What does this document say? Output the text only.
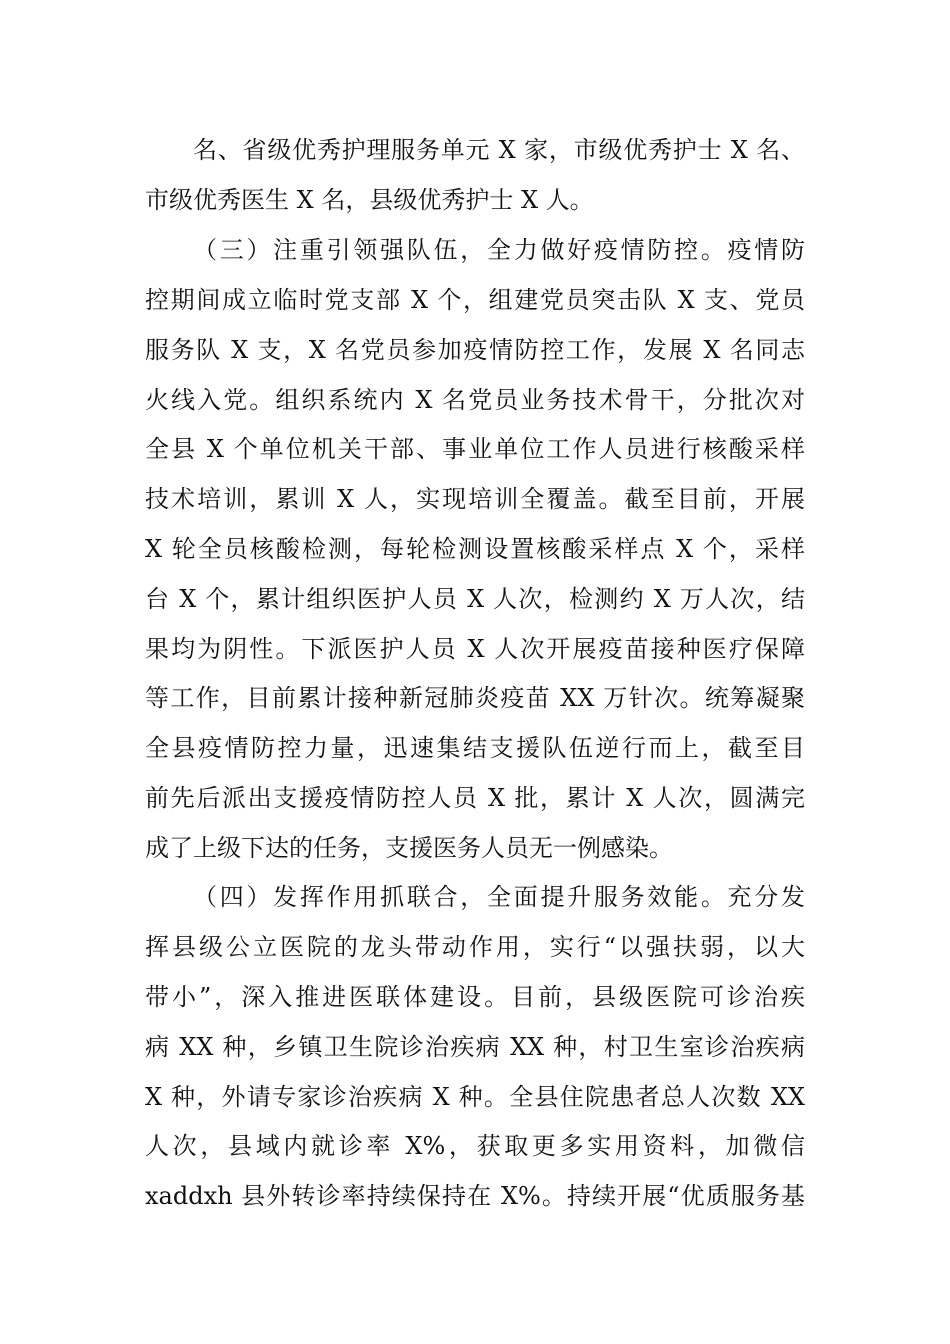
名、省级优秀护理服务单元 X 家，市级优秀护士 X 名、
市级优秀医生 X 名，县级优秀护士 X 人。
（三）注重引领强队伍，全力做好疫情防控。疫情防
控期间成立临时党支部 X 个，组建党员突击队 X 支、党员
服务队 X 支，X 名党员参加疫情防控工作，发展 X 名同志
火线入党。组织系统内 X 名党员业务技术骨干，分批次对
全县 X 个单位机关干部、事业单位工作人员进行核酸采样
技术培训，累训 X 人，实现培训全覆盖。截至目前，开展
X 轮全员核酸检测，每轮检测设置核酸采样点 X 个，采样
台 X 个，累计组织医护人员 X 人次，检测约 X 万人次，结
果均为阴性。下派医护人员 X 人次开展疫苗接种医疗保障
等工作，目前累计接种新冠肺炎疫苗 XX 万针次。统筹凝聚
全县疫情防控力量，迅速集结支援队伍逆行而上，截至目
前先后派出支援疫情防控人员 X 批，累计 X 人次，圆满完
成了上级下达的任务，支援医务人员无一例感染。
（四）发挥作用抓联合，全面提升服务效能。充分发
挥县级公立医院的龙头带动作用，实行“以强扶弱，以大
带小”，深入推进医联体建设。目前，县级医院可诊治疾
病 XX 种，乡镇卫生院诊治疾病 XX 种，村卫生室诊治疾病
X 种，外请专家诊治疾病 X 种。全县住院患者总人次数 XX
人次，县域内就诊率 X%，获取更多实用资料，加微信
xaddxh 县外转诊率持续保持在 X%。持续开展“优质服务基
